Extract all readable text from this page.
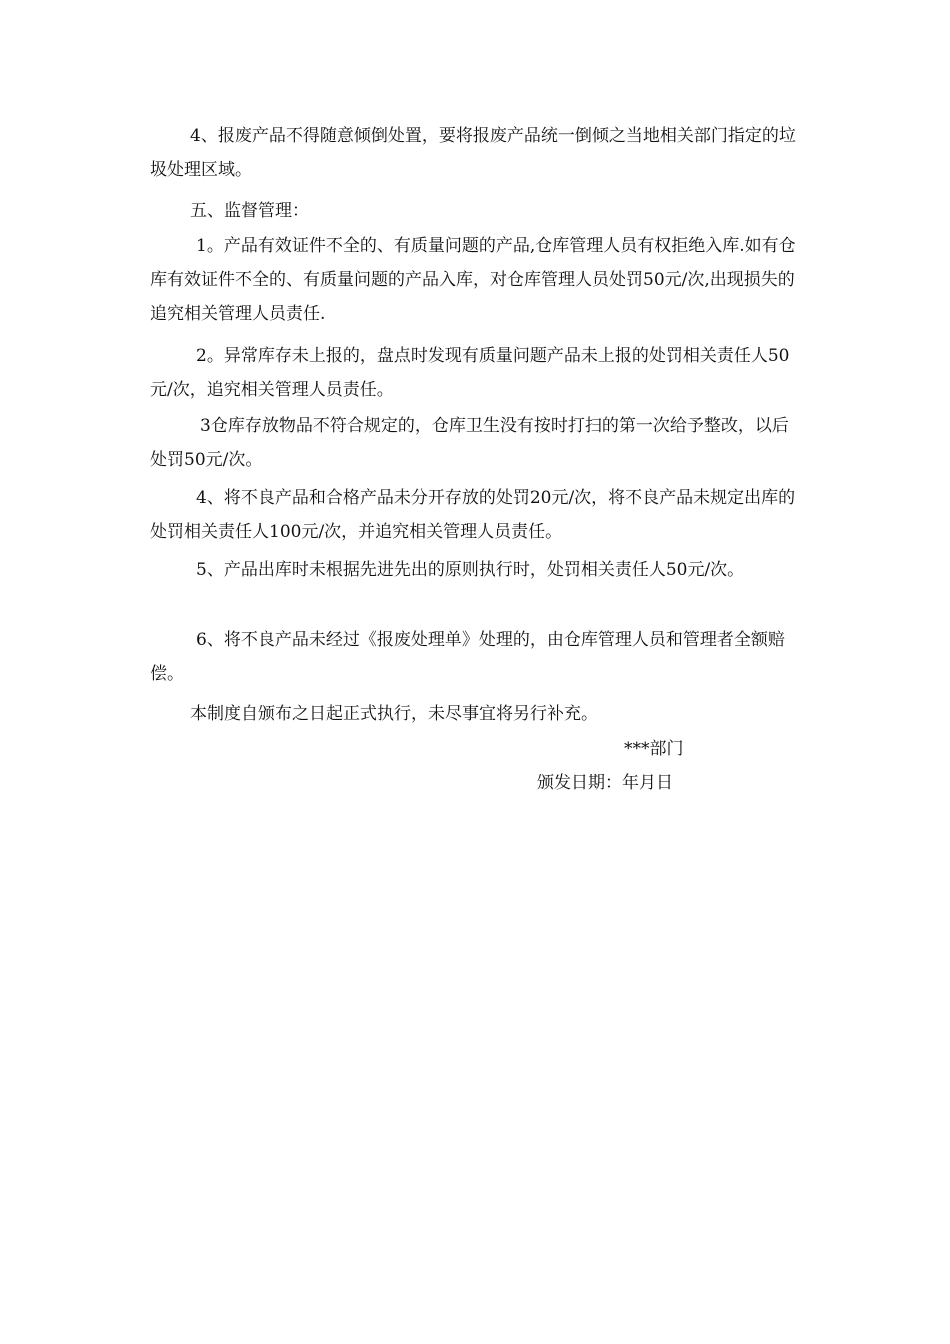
4、报废产品不得随意倾倒处置，要将报废产品统一倒倾之当地相关部门指定的垃圾处理区域。

五、监督管理：

1。产品有效证件不全的、有质量问题的产品,仓库管理人员有权拒绝入库.如有仓库有效证件不全的、有质量问题的产品入库，对仓库管理人员处罚50元/次,出现损失的追究相关管理人员责任.

2。异常库存未上报的，盘点时发现有质量问题产品未上报的处罚相关责任人50元/次，追究相关管理人员责任。

3仓库存放物品不符合规定的，仓库卫生没有按时打扫的第一次给予整改，以后处罚50元/次。

4、将不良产品和合格产品未分开存放的处罚20元/次，将不良产品未规定出库的处罚相关责任人100元/次，并追究相关管理人员责任。

5、产品出库时未根据先进先出的原则执行时，处罚相关责任人50元/次。

6、将不良产品未经过《报废处理单》处理的，由仓库管理人员和管理者全额赔偿。

本制度自颁布之日起正式执行，未尽事宜将另行补充。

***部门

颁发日期：年月日
